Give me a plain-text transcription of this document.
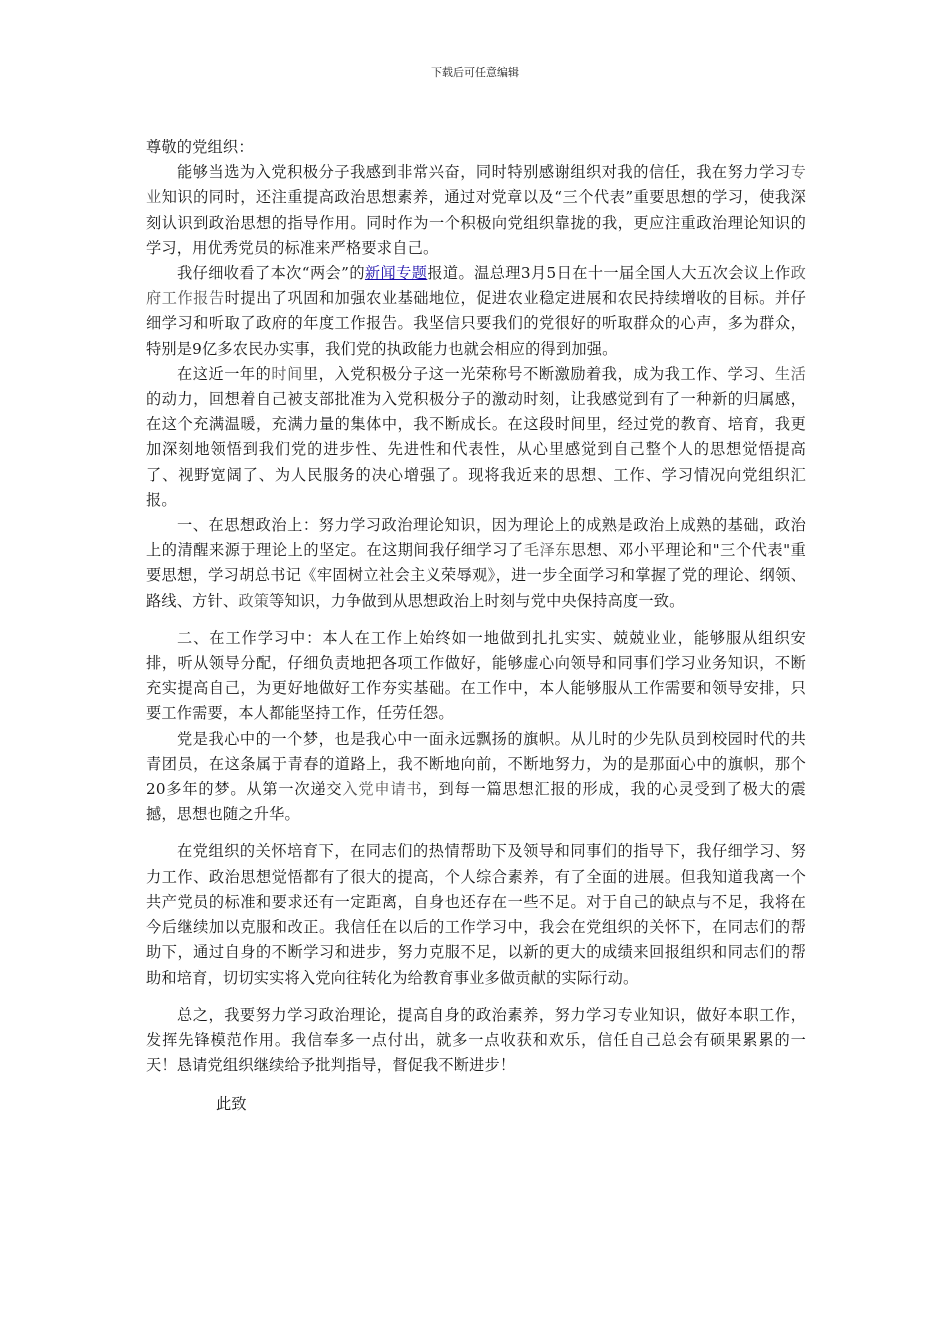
下载后可任意编辑

尊敬的党组织：

能够当选为入党积极分子我感到非常兴奋，同时特别感谢组织对我的信任，我在努力学习专业知识的同时，还注重提高政治思想素养，通过对党章以及“三个代表”重要思想的学习，使我深刻认识到政治思想的指导作用。同时作为一个积极向党组织靠拢的我，更应注重政治理论知识的学习，用优秀党员的标准来严格要求自己。

我仔细收看了本次“两会”的新闻专题报道。温总理3月5日在十一届全国人大五次会议上作政府工作报告时提出了巩固和加强农业基础地位，促进农业稳定进展和农民持续增收的目标。并仔细学习和听取了政府的年度工作报告。我坚信只要我们的党很好的听取群众的心声，多为群众，特别是9亿多农民办实事，我们党的执政能力也就会相应的得到加强。

在这近一年的时间里，入党积极分子这一光荣称号不断激励着我，成为我工作、学习、生活的动力，回想着自己被支部批准为入党积极分子的激动时刻，让我感觉到有了一种新的归属感，在这个充满温暖，充满力量的集体中，我不断成长。在这段时间里，经过党的教育、培育，我更加深刻地领悟到我们党的进步性、先进性和代表性，从心里感觉到自己整个人的思想觉悟提高了、视野宽阔了、为人民服务的决心增强了。现将我近来的思想、工作、学习情况向党组织汇报。

一、在思想政治上：努力学习政治理论知识，因为理论上的成熟是政治上成熟的基础，政治上的清醒来源于理论上的坚定。在这期间我仔细学习了毛泽东思想、邓小平理论和"三个代表"重要思想，学习胡总书记《牢固树立社会主义荣辱观》，进一步全面学习和掌握了党的理论、纲领、路线、方针、政策等知识，力争做到从思想政治上时刻与党中央保持高度一致。

二、在工作学习中：本人在工作上始终如一地做到扎扎实实、兢兢业业，能够服从组织安排，听从领导分配，仔细负责地把各项工作做好，能够虚心向领导和同事们学习业务知识，不断充实提高自己，为更好地做好工作夯实基础。在工作中，本人能够服从工作需要和领导安排，只要工作需要，本人都能坚持工作，任劳任怨。

党是我心中的一个梦，也是我心中一面永远飘扬的旗帜。从儿时的少先队员到校园时代的共青团员，在这条属于青春的道路上，我不断地向前，不断地努力，为的是那面心中的旗帜，那个20多年的梦。从第一次递交入党申请书，到每一篇思想汇报的形成，我的心灵受到了极大的震撼，思想也随之升华。

在党组织的关怀培育下，在同志们的热情帮助下及领导和同事们的指导下，我仔细学习、努力工作、政治思想觉悟都有了很大的提高，个人综合素养，有了全面的进展。但我知道我离一个共产党员的标准和要求还有一定距离，自身也还存在一些不足。对于自己的缺点与不足，我将在今后继续加以克服和改正。我信任在以后的工作学习中，我会在党组织的关怀下，在同志们的帮助下，通过自身的不断学习和进步，努力克服不足，以新的更大的成绩来回报组织和同志们的帮助和培育，切切实实将入党向往转化为给教育事业多做贡献的实际行动。

总之，我要努力学习政治理论，提高自身的政治素养，努力学习专业知识，做好本职工作，发挥先锋模范作用。我信奉多一点付出，就多一点收获和欢乐，信任自己总会有硕果累累的一天！恳请党组织继续给予批判指导，督促我不断进步！

此致
